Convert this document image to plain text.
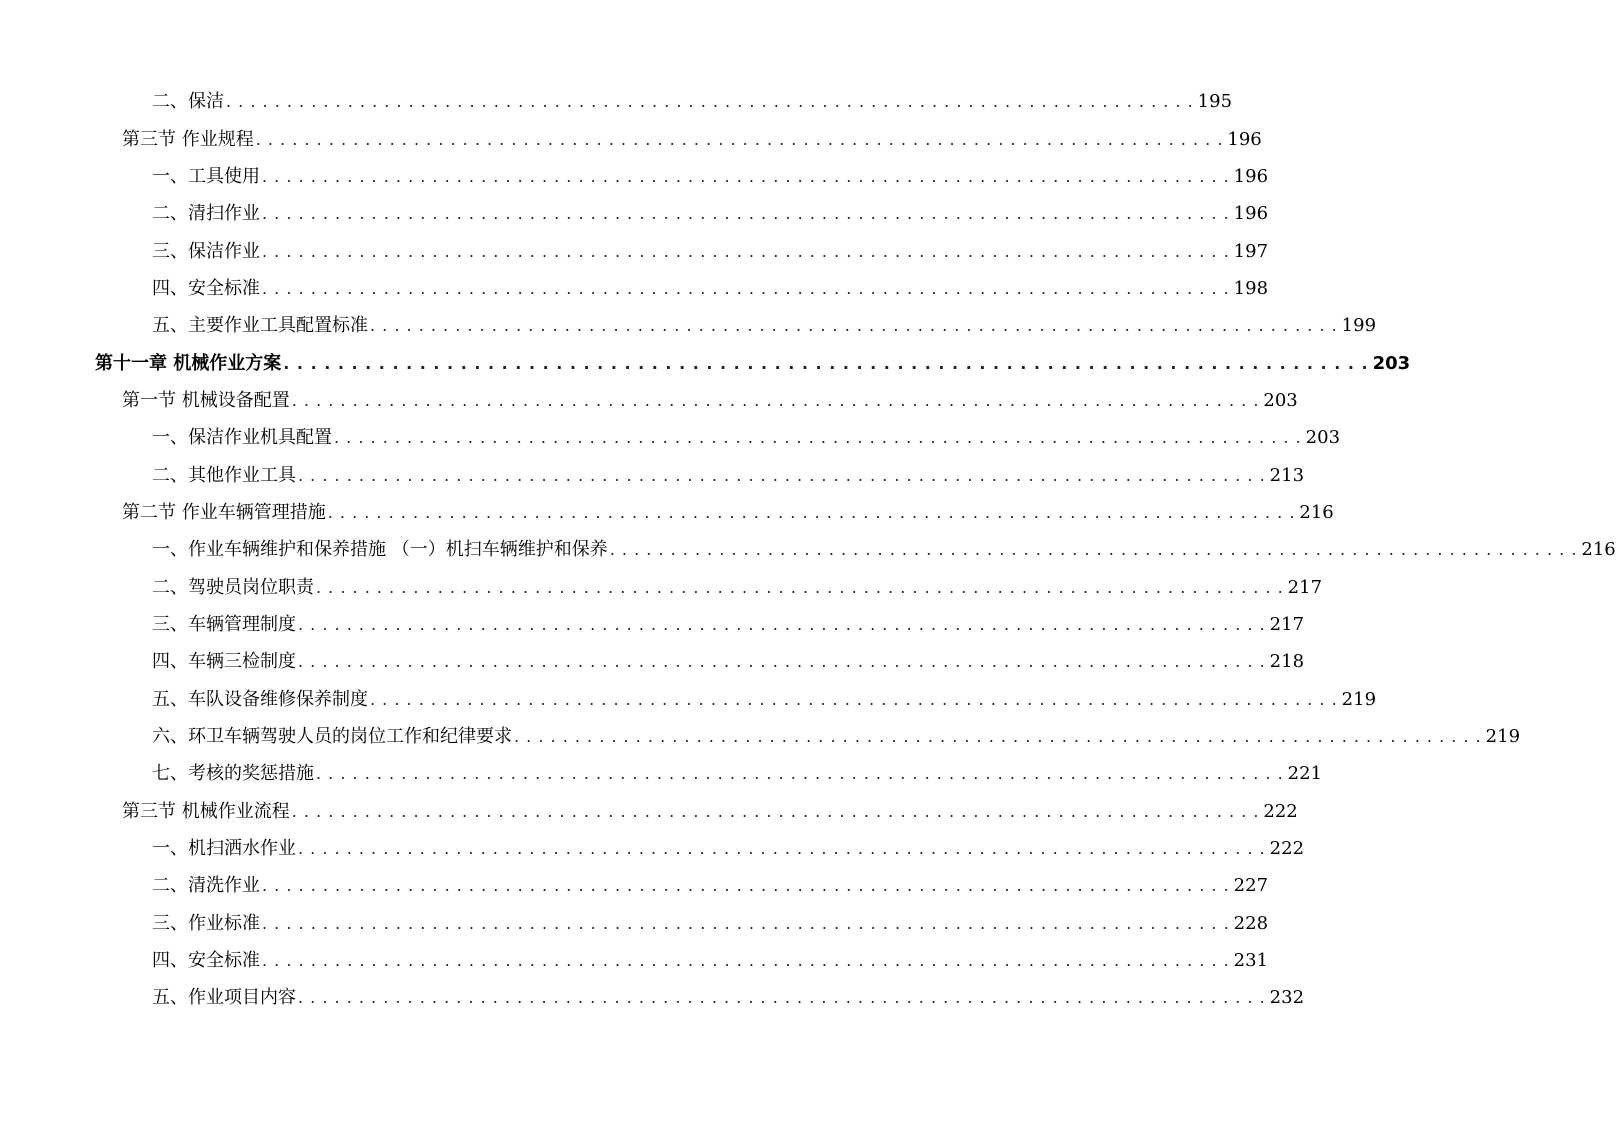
二、保洁 . . . . . . . . . . . . . . . . . . . . . . . . . . . . . . . . . . . . . . . . . . . . . . . . . . . . . . . . . . . . . . . . . . . . . . . . . . . . . . . . 195
第三节 作业规程 . . . . . . . . . . . . . . . . . . . . . . . . . . . . . . . . . . . . . . . . . . . . . . . . . . . . . . . . . . . . . . . . . . . . . . . . . . . . . . . . 196
一、工具使用 . . . . . . . . . . . . . . . . . . . . . . . . . . . . . . . . . . . . . . . . . . . . . . . . . . . . . . . . . . . . . . . . . . . . . . . . . . . . . . . . 196
二、清扫作业 . . . . . . . . . . . . . . . . . . . . . . . . . . . . . . . . . . . . . . . . . . . . . . . . . . . . . . . . . . . . . . . . . . . . . . . . . . . . . . . . 196
三、保洁作业 . . . . . . . . . . . . . . . . . . . . . . . . . . . . . . . . . . . . . . . . . . . . . . . . . . . . . . . . . . . . . . . . . . . . . . . . . . . . . . . . 197
四、安全标准 . . . . . . . . . . . . . . . . . . . . . . . . . . . . . . . . . . . . . . . . . . . . . . . . . . . . . . . . . . . . . . . . . . . . . . . . . . . . . . . . 198
五、主要作业工具配置标准 . . . . . . . . . . . . . . . . . . . . . . . . . . . . . . . . . . . . . . . . . . . . . . . . . . . . . . . . . . . . . . . . . . . . . . . . . . . . . . . . 199
第十一章 机械作业方案 . . . . . . . . . . . . . . . . . . . . . . . . . . . . . . . . . . . . . . . . . . . . . . . . . . . . . . . . . . . . . . . . . . . . . . . . . . . . . . . . 203
第一节 机械设备配置 . . . . . . . . . . . . . . . . . . . . . . . . . . . . . . . . . . . . . . . . . . . . . . . . . . . . . . . . . . . . . . . . . . . . . . . . . . . . . . . . 203
一、保洁作业机具配置 . . . . . . . . . . . . . . . . . . . . . . . . . . . . . . . . . . . . . . . . . . . . . . . . . . . . . . . . . . . . . . . . . . . . . . . . . . . . . . . . 203
二、其他作业工具 . . . . . . . . . . . . . . . . . . . . . . . . . . . . . . . . . . . . . . . . . . . . . . . . . . . . . . . . . . . . . . . . . . . . . . . . . . . . . . . . 213
第二节 作业车辆管理措施 . . . . . . . . . . . . . . . . . . . . . . . . . . . . . . . . . . . . . . . . . . . . . . . . . . . . . . . . . . . . . . . . . . . . . . . . . . . . . . . . 216
一、作业车辆维护和保养措施 （一）机扫车辆维护和保养 . . . . . . . . . . . . . . . . . . . . . . . . . . . . . . . . . . . . . . . . . . . . . . . . . . . . . . . . . . . . . . . . . . . . . . . . . . . . . . . . 216
二、驾驶员岗位职责 . . . . . . . . . . . . . . . . . . . . . . . . . . . . . . . . . . . . . . . . . . . . . . . . . . . . . . . . . . . . . . . . . . . . . . . . . . . . . . . . 217
三、车辆管理制度 . . . . . . . . . . . . . . . . . . . . . . . . . . . . . . . . . . . . . . . . . . . . . . . . . . . . . . . . . . . . . . . . . . . . . . . . . . . . . . . . 217
四、车辆三检制度 . . . . . . . . . . . . . . . . . . . . . . . . . . . . . . . . . . . . . . . . . . . . . . . . . . . . . . . . . . . . . . . . . . . . . . . . . . . . . . . . 218
五、车队设备维修保养制度 . . . . . . . . . . . . . . . . . . . . . . . . . . . . . . . . . . . . . . . . . . . . . . . . . . . . . . . . . . . . . . . . . . . . . . . . . . . . . . . . 219
六、环卫车辆驾驶人员的岗位工作和纪律要求 . . . . . . . . . . . . . . . . . . . . . . . . . . . . . . . . . . . . . . . . . . . . . . . . . . . . . . . . . . . . . . . . . . . . . . . . . . . . . . . . 219
七、考核的奖惩措施 . . . . . . . . . . . . . . . . . . . . . . . . . . . . . . . . . . . . . . . . . . . . . . . . . . . . . . . . . . . . . . . . . . . . . . . . . . . . . . . . 221
第三节 机械作业流程 . . . . . . . . . . . . . . . . . . . . . . . . . . . . . . . . . . . . . . . . . . . . . . . . . . . . . . . . . . . . . . . . . . . . . . . . . . . . . . . . 222
一、机扫洒水作业 . . . . . . . . . . . . . . . . . . . . . . . . . . . . . . . . . . . . . . . . . . . . . . . . . . . . . . . . . . . . . . . . . . . . . . . . . . . . . . . . 222
二、清洗作业 . . . . . . . . . . . . . . . . . . . . . . . . . . . . . . . . . . . . . . . . . . . . . . . . . . . . . . . . . . . . . . . . . . . . . . . . . . . . . . . . 227
三、作业标准 . . . . . . . . . . . . . . . . . . . . . . . . . . . . . . . . . . . . . . . . . . . . . . . . . . . . . . . . . . . . . . . . . . . . . . . . . . . . . . . . 228
四、安全标准 . . . . . . . . . . . . . . . . . . . . . . . . . . . . . . . . . . . . . . . . . . . . . . . . . . . . . . . . . . . . . . . . . . . . . . . . . . . . . . . . 231
五、作业项目内容 . . . . . . . . . . . . . . . . . . . . . . . . . . . . . . . . . . . . . . . . . . . . . . . . . . . . . . . . . . . . . . . . . . . . . . . . . . . . . . . . 232
